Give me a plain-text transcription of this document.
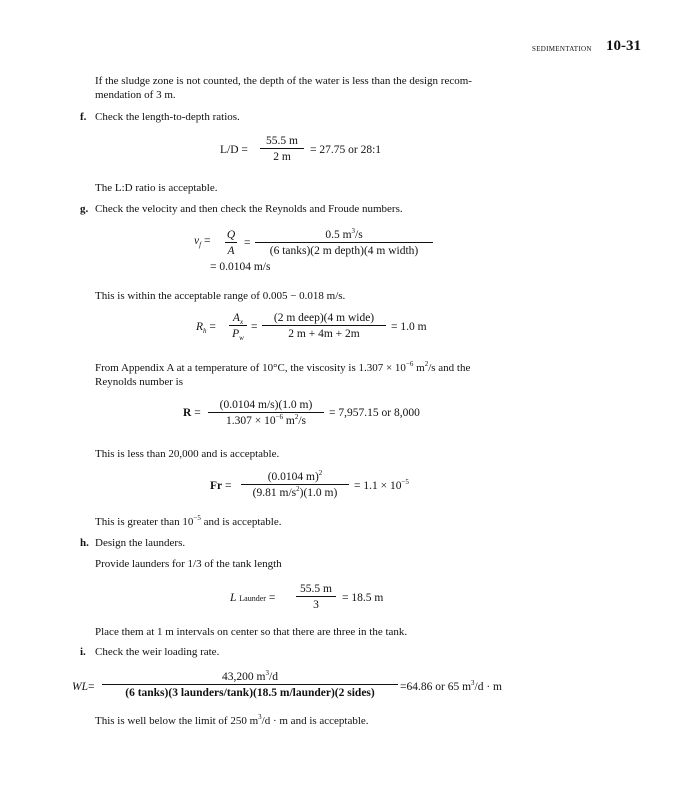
SEDIMENTATION 10-31
If the sludge zone is not counted, the depth of the water is less than the design recom-
mendation of 3 m.
f. Check the length-to-depth ratios.
L/D =
55.5 m
2 m
= 27.75 or 28:1
The L:D ratio is acceptable.
g. Check the velocity and then check the Reynolds and Froude numbers.
$v_f = Q$
A
=
0.5 $m^3/s$
(6 tanks)(2 m depth)(4 m width)
= 0.0104 m/s
This is within the acceptable range of 0.005 − 0.018 m/s.
$R_h$ =
$A_x$
$P_w$
=
(2 m deep)(4 m wide)
2 m + 4m + 2m
= 1.0 m
From Appendix A at a temperature of 10°C, the viscosity is $1.307 \times 10^{-6}$ $m^2/s$ and the
Reynolds number is
R =
(0.0104 m/s)(1.0 m)
$1.307 \times 10^{-6}$ $m^2/s$
= 7,957.15 or 8,000
This is less than 20,000 and is acceptable.
Fr =
(0.0104 m)$^2$
(9.81 $m/s^2)(1.0$ m)
= $1.1 \times 10^{-5}$
This is greater than $10^{-5}$ and is acceptable.
h. Design the launders.
Provide launders for 1/3 of the tank length
L Launder =
55.5 m
3
= 18.5 m
Place them at 1 m intervals on center so that there are three in the tank.
i. Check the weir loading rate.
WL=
43,200 $m^3/d$
(6 tanks)(3 launders/tank)(18.5 m/launder)(2 sides)	=64.86 or 65 $m^3/d \cdot m$
This is well below the limit of 250 $m^3/d \cdot m$ and is acceptable.
